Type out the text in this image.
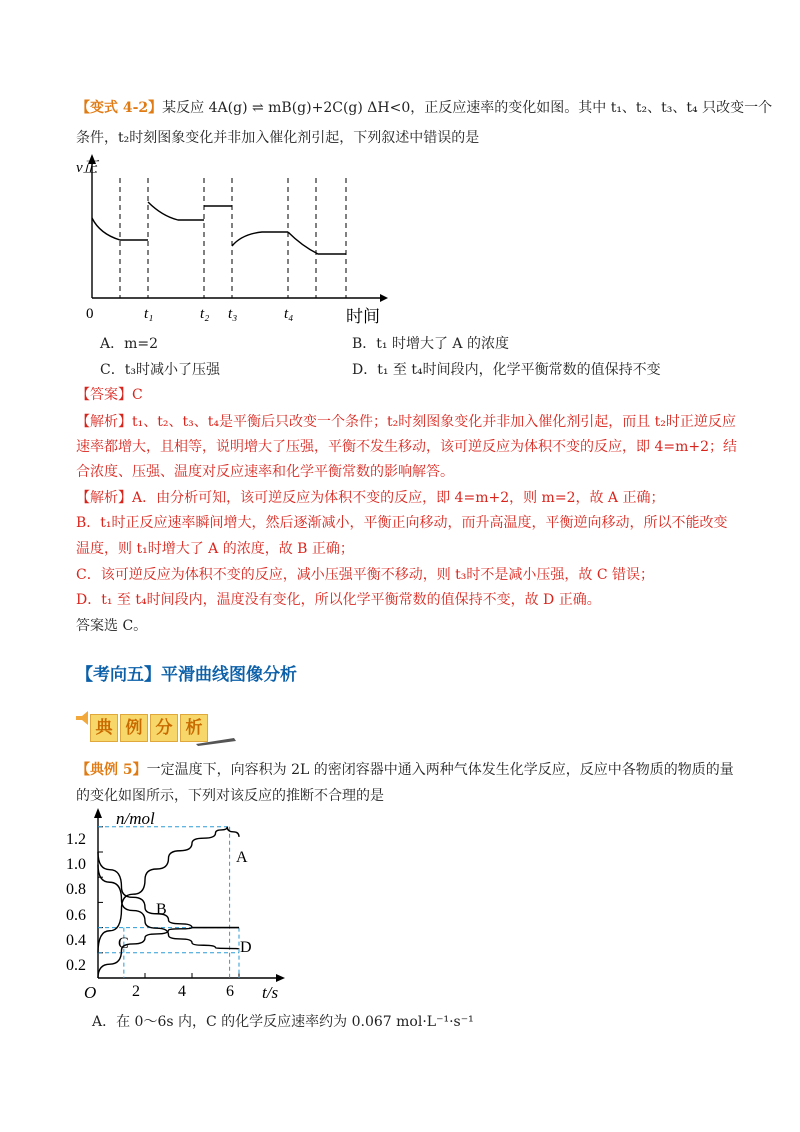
【变式 4-2】某反应 4A(g) ⇌ mB(g)+2C(g) ΔH<0，正反应速率的变化如图。其中 t₁、t₂、t₃、t₄ 只改变一个
条件，t₂时刻图象变化并非加入催化剂引起，下列叙述中错误的是
v正
0	t₁	t₂ t₃	t₄	时间
A．m=2	B．t₁ 时增大了 A 的浓度
C．t₃时减小了压强	D．t₁ 至 t₄时间段内，化学平衡常数的值保持不变
【答案】C
【解析】t₁、t₂、t₃、t₄是平衡后只改变一个条件；t₂时刻图象变化并非加入催化剂引起，而且 t₂时正逆反应
速率都增大，且相等，说明增大了压强，平衡不发生移动，该可逆反应为体积不变的反应，即 4=m+2；结
合浓度、压强、温度对反应速率和化学平衡常数的影响解答。
【解析】A．由分析可知，该可逆反应为体积不变的反应，即 4=m+2，则 m=2，故 A 正确；
B．t₁时正反应速率瞬间增大，然后逐渐减小，平衡正向移动，而升高温度，平衡逆向移动，所以不能改变
温度，则 t₁时增大了 A 的浓度，故 B 正确；
C．该可逆反应为体积不变的反应，减小压强平衡不移动，则 t₃时不是减小压强，故 C 错误；
D．t₁ 至 t₄时间段内，温度没有变化，所以化学平衡常数的值保持不变，故 D 正确。
答案选 C。
【考向五】平滑曲线图像分析
典 例 分 析
【典例 5】一定温度下，向容积为 2L 的密闭容器中通入两种气体发生化学反应，反应中各物质的物质的量
的变化如图所示，下列对该反应的推断不合理的是
n/mol
O	t/s
1.2
1.0
0.8
0.6
0.4
0.2
2 4	6
A
B
C	D
A．在 0～6s 内，C 的化学反应速率约为 0.067 mol·L⁻¹·s⁻¹
